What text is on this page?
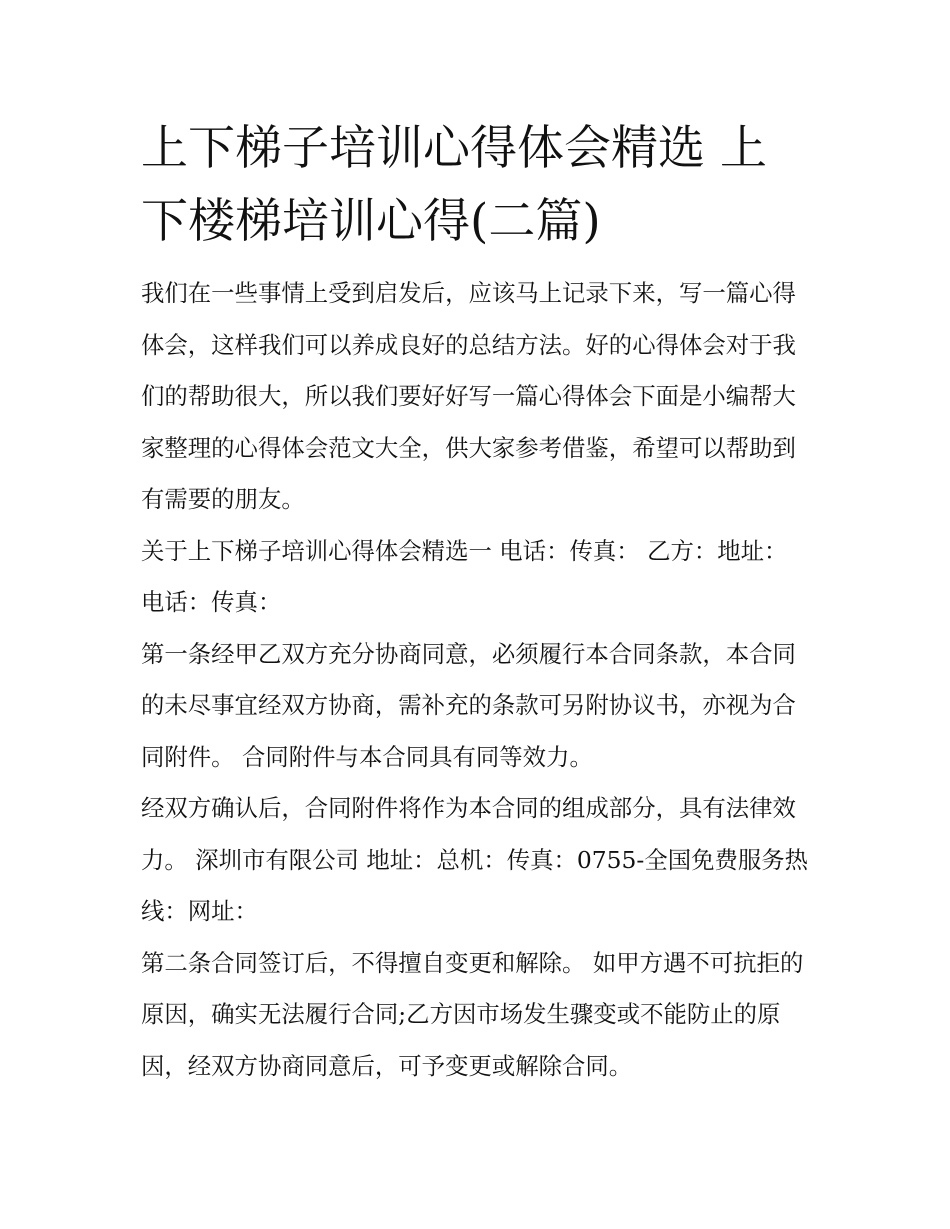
上下梯子培训心得体会精选 上下楼梯培训心得(二篇)

我们在一些事情上受到启发后，应该马上记录下来，写一篇心得体会，这样我们可以养成良好的总结方法。好的心得体会对于我们的帮助很大，所以我们要好好写一篇心得体会下面是小编帮大家整理的心得体会范文大全，供大家参考借鉴，希望可以帮助到有需要的朋友。

关于上下梯子培训心得体会精选一 电话：传真： 乙方：地址： 电话：传真：

第一条经甲乙双方充分协商同意，必须履行本合同条款，本合同的未尽事宜经双方协商，需补充的条款可另附协议书，亦视为合同附件。 合同附件与本合同具有同等效力。

经双方确认后，合同附件将作为本合同的组成部分，具有法律效力。 深圳市有限公司 地址：总机：传真：0755-全国免费服务热线：网址：

第二条合同签订后，不得擅自变更和解除。 如甲方遇不可抗拒的原因，确实无法履行合同;乙方因市场发生骤变或不能防止的原因，经双方协商同意后，可予变更或解除合同。
